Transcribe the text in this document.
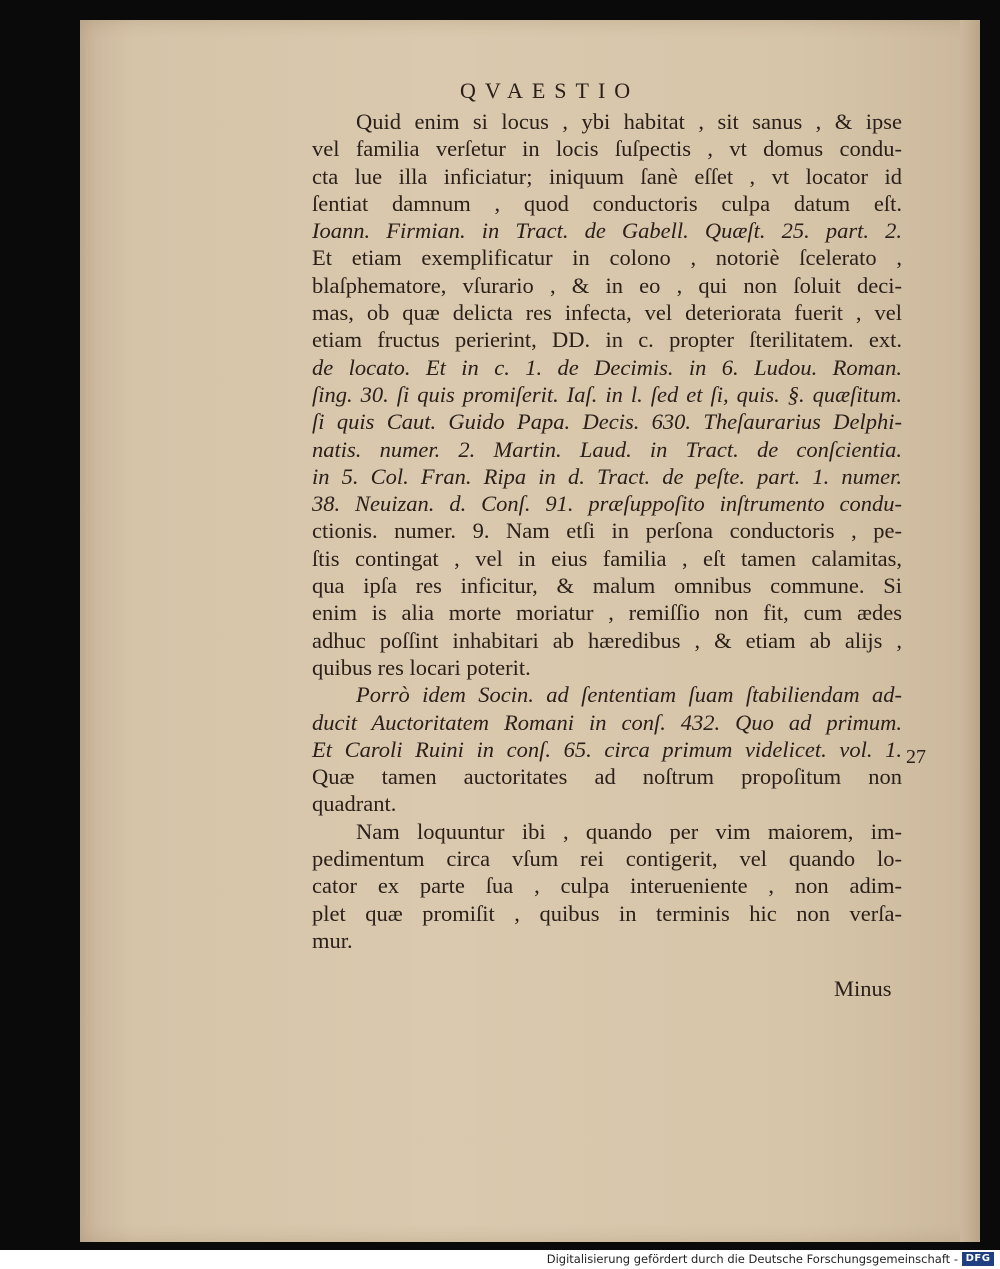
QVAESTIO
Quid enim si locus , ybi habitat , sit sanus , & ipse
vel familia verſetur in locis ſuſpectis , vt domus condu-
cta lue illa inficiatur; iniquum ſanè eſſet , vt locator id
ſentiat damnum , quod conductoris culpa datum eſt.
Ioann. Firmian. in Tract. de Gabell. Quæſt. 25. part. 2.
Et etiam exemplificatur in colono , notoriè ſcelerato ,
blaſphematore, vſurario , & in eo , qui non ſoluit deci-
mas, ob quæ delicta res infecta, vel deteriorata fuerit , vel
etiam fructus perierint, DD. in c. propter ſterilitatem. ext.
de locato. Et in c. 1. de Decimis. in 6. Ludou. Roman.
ſing. 30. ſi quis promiſerit. Iaſ. in l. ſed et ſi, quis. §. quæſitum.
ſi quis Caut. Guido Papa. Decis. 630. Theſaurarius Delphi-
natis. numer. 2. Martin. Laud. in Tract. de conſcientia.
in 5. Col. Fran. Ripa in d. Tract. de peſte. part. 1. numer.
38. Neuizan. d. Conſ. 91. præſuppoſito inſtrumento condu-
ctionis. numer. 9. Nam etſi in perſona conductoris , pe-
ſtis contingat , vel in eius familia , eſt tamen calamitas,
qua ipſa res inficitur, & malum omnibus commune. Si
enim is alia morte moriatur , remiſſio non fit, cum ædes
adhuc poſſint inhabitari ab hæredibus , & etiam ab alijs ,
quibus res locari poterit.
Porrò idem Socin. ad ſententiam ſuam ſtabiliendam ad-
ducit Auctoritatem Romani in conſ. 432. Quo ad primum.
Et Caroli Ruini in conſ. 65. circa primum videlicet. vol. 1.
Quæ tamen auctoritates ad noſtrum propoſitum non
quadrant.
Nam loquuntur ibi , quando per vim maiorem, im-
pedimentum circa vſum rei contigerit, vel quando lo-
cator ex parte ſua , culpa interueniente , non adim-
plet quæ promiſit , quibus in terminis hic non verſa-
mur.
27
Minus
Digitalisierung gefördert durch die Deutsche Forschungsgemeinschaft - DFG
